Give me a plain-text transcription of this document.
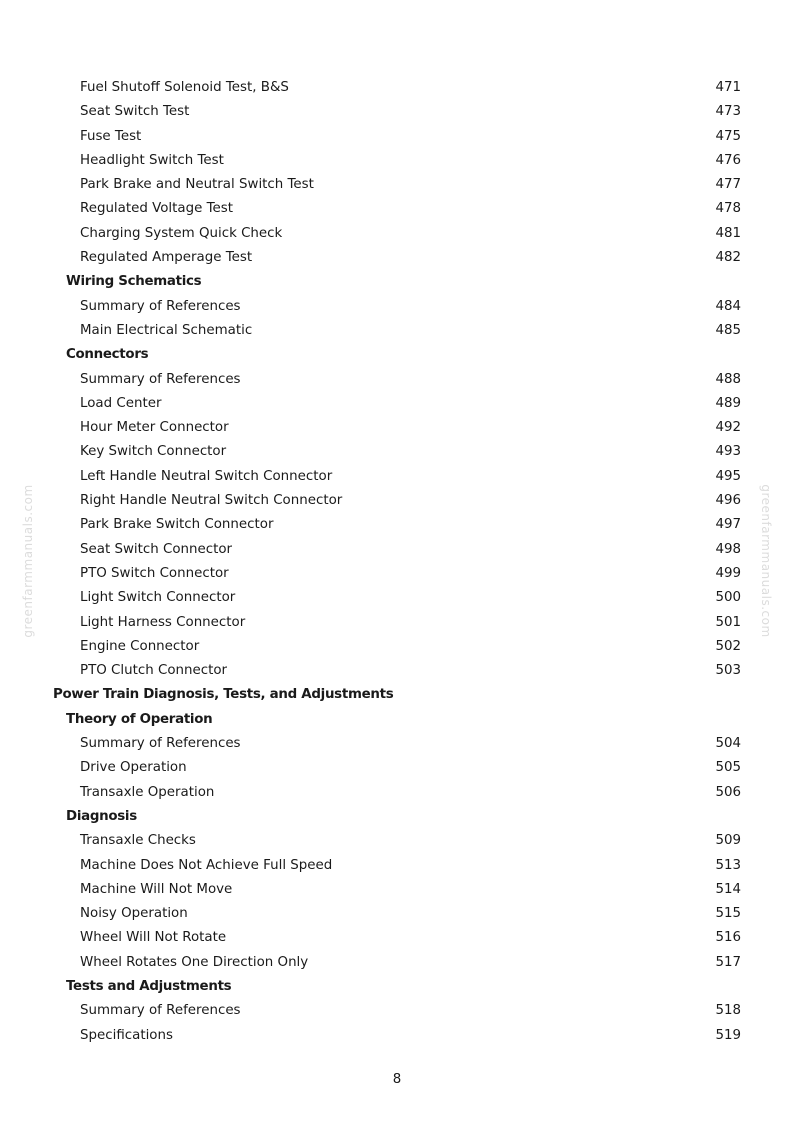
greenfarmmanuals.com	greenfarmmanuals.com
Fuel Shutoff Solenoid Test, B&S	471
Seat Switch Test	473
Fuse Test	475
Headlight Switch Test	476
Park Brake and Neutral Switch Test	477
Regulated Voltage Test	478
Charging System Quick Check	481
Regulated Amperage Test	482
Wiring Schematics
Summary of References	484
Main Electrical Schematic	485
Connectors
Summary of References	488
Load Center	489
Hour Meter Connector	492
Key Switch Connector	493
Left Handle Neutral Switch Connector	495
Right Handle Neutral Switch Connector	496
Park Brake Switch Connector	497
Seat Switch Connector	498
PTO Switch Connector	499
Light Switch Connector	500
Light Harness Connector	501
Engine Connector	502
PTO Clutch Connector	503
Power Train Diagnosis, Tests, and Adjustments
Theory of Operation
Summary of References	504
Drive Operation	505
Transaxle Operation	506
Diagnosis
Transaxle Checks	509
Machine Does Not Achieve Full Speed	513
Machine Will Not Move	514
Noisy Operation	515
Wheel Will Not Rotate	516
Wheel Rotates One Direction Only	517
Tests and Adjustments
Summary of References	518
Specifications	519
8
